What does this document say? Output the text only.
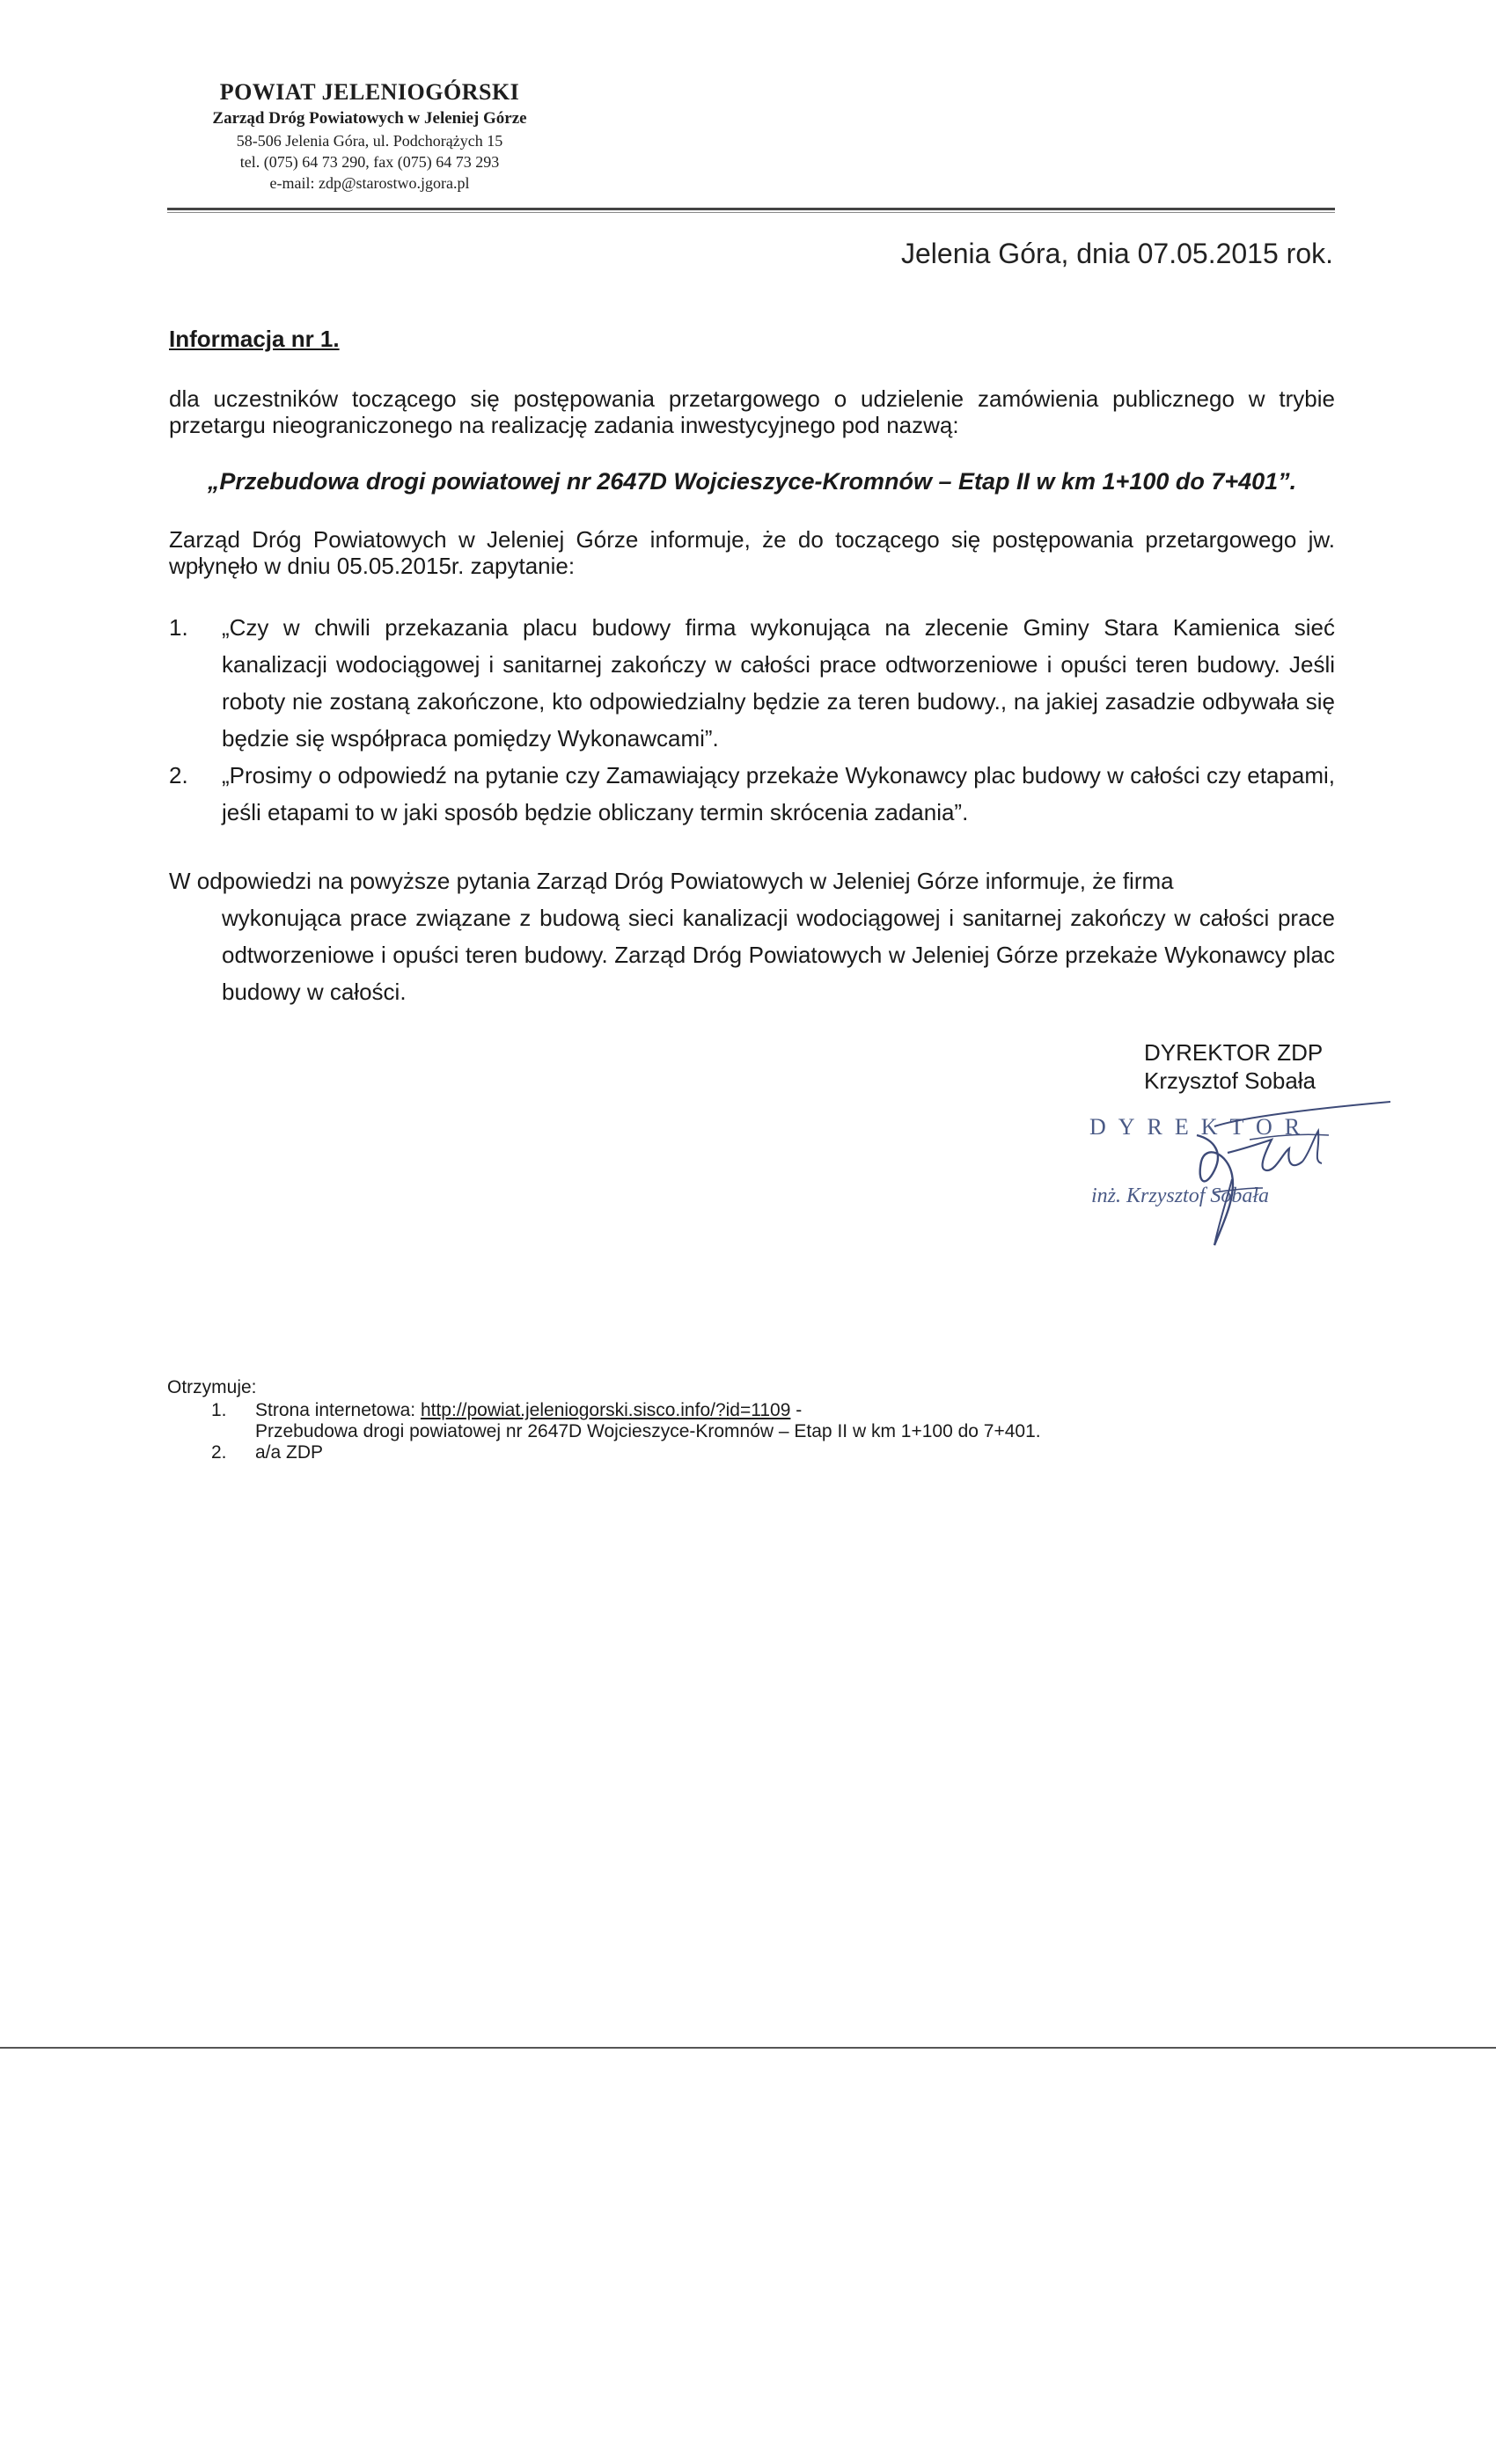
POWIAT JELENIOGÓRSKI

Zarząd Dróg Powiatowych w Jeleniej Górze

58-506 Jelenia Góra, ul. Podchorążych 15

tel. (075) 64 73 290, fax (075) 64 73 293

e-mail: zdp@starostwo.jgora.pl

Jelenia Góra, dnia 07.05.2015 rok.

Informacja nr 1.

dla uczestników toczącego się postępowania przetargowego o udzielenie zamówienia publicznego w trybie przetargu nieograniczonego na realizację zadania inwestycyjnego pod nazwą:

„Przebudowa drogi powiatowej nr 2647D Wojcieszyce-Kromnów – Etap II w km 1+100 do 7+401”.

Zarząd Dróg Powiatowych w Jeleniej Górze informuje, że do toczącego się postępowania przetargowego jw. wpłynęło w dniu 05.05.2015r. zapytanie:

1. „Czy w chwili przekazania placu budowy firma wykonująca na zlecenie Gminy Stara Kamienica sieć kanalizacji wodociągowej i sanitarnej zakończy w całości prace odtworzeniowe i opuści teren budowy. Jeśli roboty nie zostaną zakończone, kto odpowiedzialny będzie za teren budowy., na jakiej zasadzie odbywała się będzie się współpraca pomiędzy Wykonawcami”.
2. „Prosimy o odpowiedź na pytanie czy Zamawiający przekaże Wykonawcy plac budowy w całości czy etapami, jeśli etapami to w jaki sposób będzie obliczany termin skrócenia zadania”.
W odpowiedzi na powyższe pytania Zarząd Dróg Powiatowych w Jeleniej Górze informuje, że firma
wykonująca prace związane z budową sieci kanalizacji wodociągowej i sanitarnej zakończy w całości prace odtworzeniowe i opuści teren budowy. Zarząd Dróg Powiatowych w Jeleniej Górze przekaże Wykonawcy plac budowy w całości.
DYREKTOR ZDP
Krzysztof Sobała
DYREKTOR
inż. Krzysztof Sobała

Otrzymuje:

1. Strona internetowa: http://powiat.jeleniogorski.sisco.info/?id=1109 -
Przebudowa drogi powiatowej nr 2647D Wojcieszyce-Kromnów – Etap II w km 1+100 do 7+401.
2. a/a ZDP
